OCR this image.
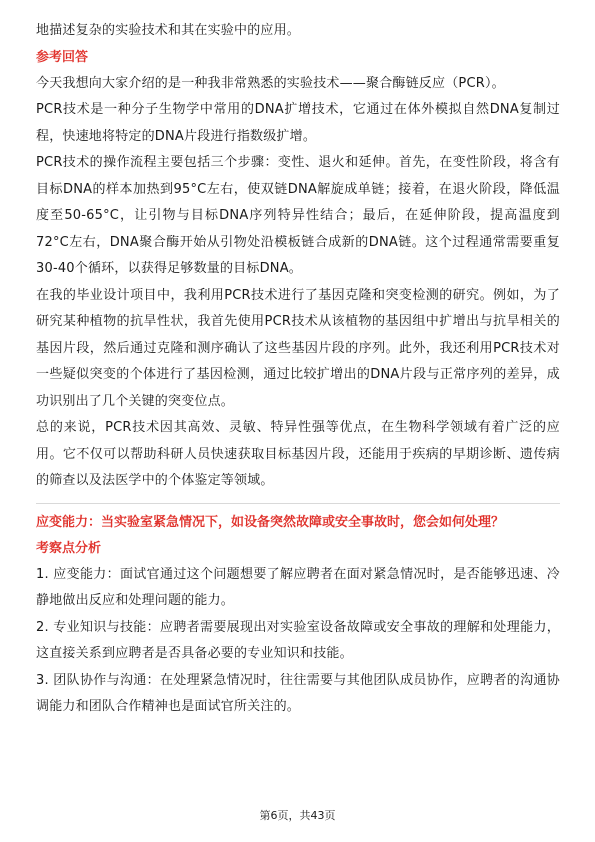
地描述复杂的实验技术和其在实验中的应用。

参考回答

今天我想向大家介绍的是一种我非常熟悉的实验技术——聚合酶链反应（PCR）。

PCR技术是一种分子生物学中常用的DNA扩增技术，它通过在体外模拟自然DNA复制过程，快速地将特定的DNA片段进行指数级扩增。

PCR技术的操作流程主要包括三个步骤：变性、退火和延伸。首先，在变性阶段，将含有目标DNA的样本加热到95°C左右，使双链DNA解旋成单链；接着，在退火阶段，降低温度至50-65°C，让引物与目标DNA序列特异性结合；最后，在延伸阶段，提高温度到72°C左右，DNA聚合酶开始从引物处沿模板链合成新的DNA链。这个过程通常需要重复30-40个循环，以获得足够数量的目标DNA。

在我的毕业设计项目中，我利用PCR技术进行了基因克隆和突变检测的研究。例如，为了研究某种植物的抗旱性状，我首先使用PCR技术从该植物的基因组中扩增出与抗旱相关的基因片段，然后通过克隆和测序确认了这些基因片段的序列。此外，我还利用PCR技术对一些疑似突变的个体进行了基因检测，通过比较扩增出的DNA片段与正常序列的差异，成功识别出了几个关键的突变位点。

总的来说，PCR技术因其高效、灵敏、特异性强等优点，在生物科学领域有着广泛的应用。它不仅可以帮助科研人员快速获取目标基因片段，还能用于疾病的早期诊断、遗传病的筛查以及法医学中的个体鉴定等领域。

应变能力：当实验室紧急情况下，如设备突然故障或安全事故时，您会如何处理？
考察点分析

1. 应变能力：面试官通过这个问题想要了解应聘者在面对紧急情况时，是否能够迅速、冷静地做出反应和处理问题的能力。

2. 专业知识与技能：应聘者需要展现出对实验室设备故障或安全事故的理解和处理能力，这直接关系到应聘者是否具备必要的专业知识和技能。

3. 团队协作与沟通：在处理紧急情况时，往往需要与其他团队成员协作，应聘者的沟通协调能力和团队合作精神也是面试官所关注的。

第6页，共43页
